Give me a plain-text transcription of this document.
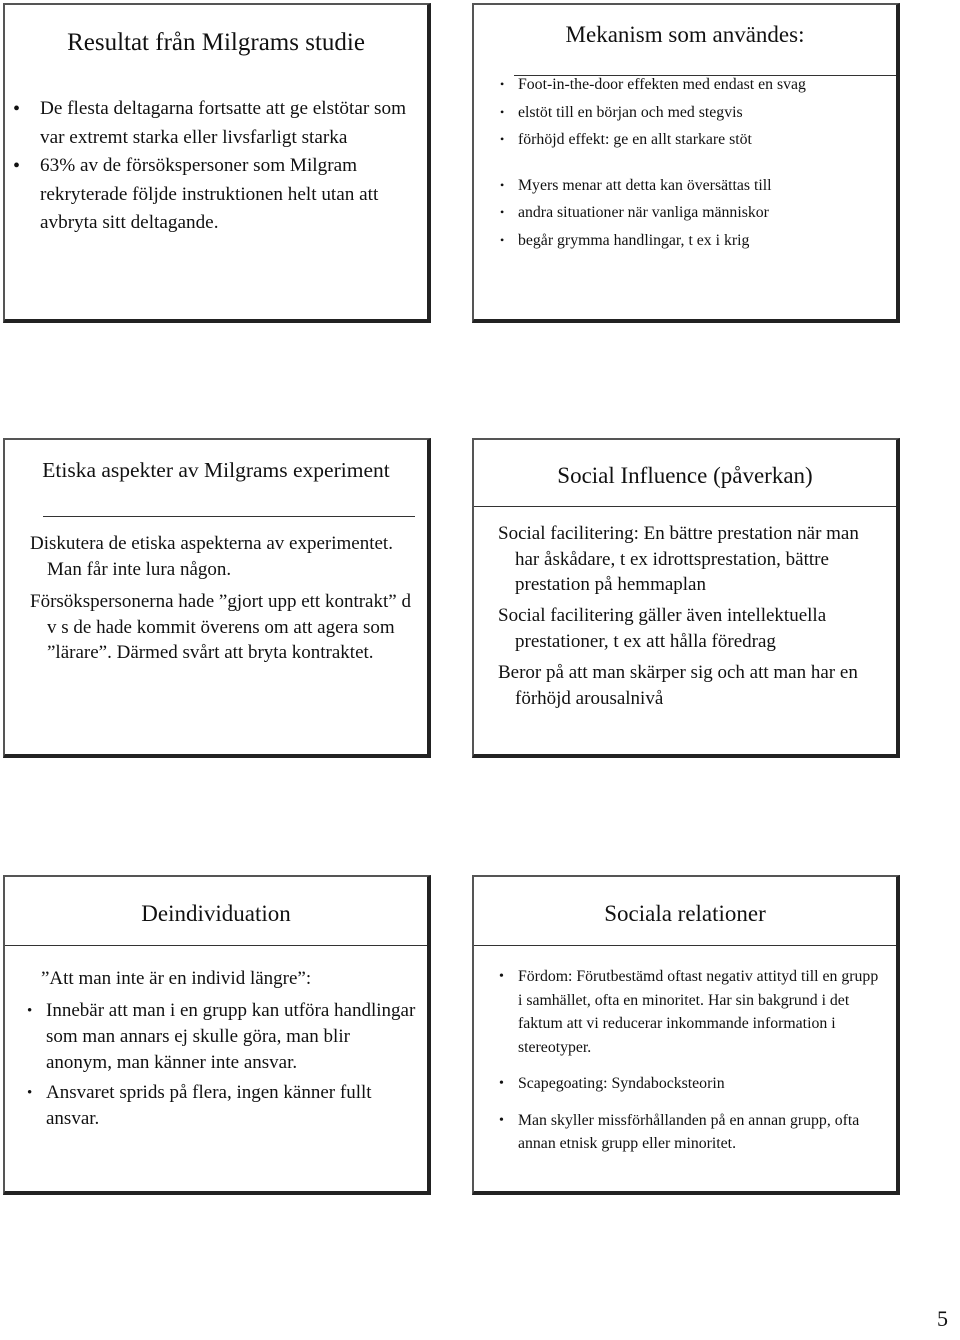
Resultat från Milgrams studie
• De flesta deltagarna fortsatte att ge elstötar som var extremt starka eller livsfarligt starka
• 63% av de försökspersoner som Milgram rekryterade följde instruktionen helt utan att avbryta sitt deltagande.
Mekanism som användes:
• Foot-in-the-door effekten med endast en svag
• elstöt till en början och med stegvis
• förhöjd effekt: ge en allt starkare stöt
• Myers menar att detta kan översättas till
• andra situationer när vanliga människor
• begår grymma handlingar, t ex i krig
Etiska aspekter av Milgrams experiment

Diskutera de etiska aspekterna av experimentet. Man får inte lura någon.

Försökspersonerna hade ”gjort upp ett kontrakt” d v s de hade kommit överens om att agera som ”lärare”. Därmed svårt att bryta kontraktet.

Social Influence (påverkan)

Social facilitering: En bättre prestation när man har åskådare, t ex idrottsprestation, bättre prestation på hemmaplan

Social facilitering gäller även intellektuella prestationer, t ex att hålla föredrag

Beror på att man skärper sig och att man har en förhöjd arousalnivå

Deindividuation
”Att man inte är en individ längre”:
• Innebär att man i en grupp kan utföra handlingar som man annars ej skulle göra, man blir anonym, man känner inte ansvar.
• Ansvaret sprids på flera, ingen känner fullt ansvar.
Sociala relationer
• Fördom: Förutbestämd oftast negativ attityd till en grupp i samhället, ofta en minoritet. Har sin bakgrund i det faktum att vi reducerar inkommande information i stereotyper.
• Scapegoating: Syndabocksteorin
• Man skyller missförhållanden på en annan grupp, ofta annan etnisk grupp eller minoritet.
5
